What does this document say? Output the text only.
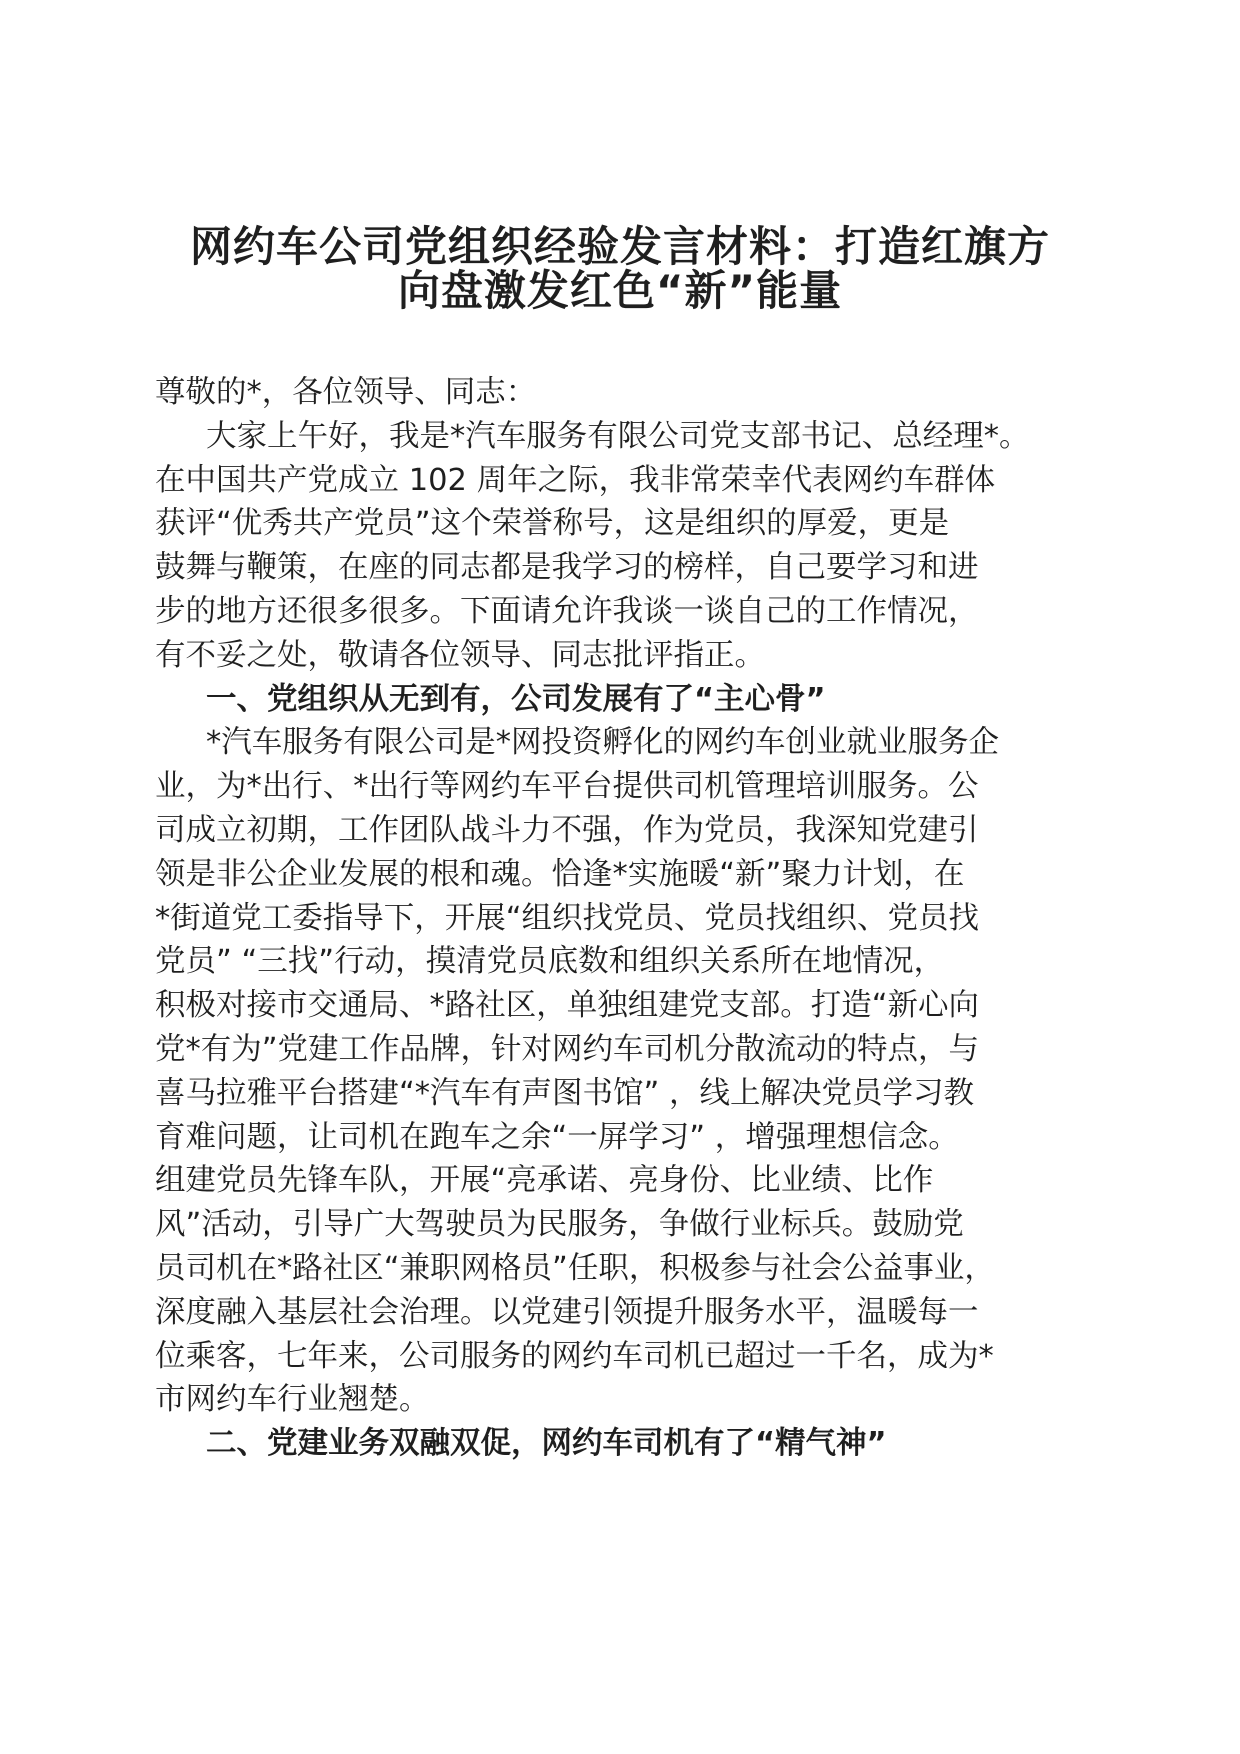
网约车公司党组织经验发言材料：打造红旗方
向盘激发红色“新”能量
尊敬的*，各位领导、同志：
大家上午好，我是*汽车服务有限公司党支部书记、总经理*。
在中国共产党成立 102 周年之际，我非常荣幸代表网约车群体
获评“优秀共产党员”这个荣誉称号，这是组织的厚爱，更是
鼓舞与鞭策，在座的同志都是我学习的榜样，自己要学习和进
步的地方还很多很多。下面请允许我谈一谈自己的工作情况，
有不妥之处，敬请各位领导、同志批评指正。
一、党组织从无到有，公司发展有了“主心骨”
*汽车服务有限公司是*网投资孵化的网约车创业就业服务企
业，为*出行、*出行等网约车平台提供司机管理培训服务。公
司成立初期，工作团队战斗力不强，作为党员，我深知党建引
领是非公企业发展的根和魂。恰逢*实施暖“新”聚力计划，在
*街道党工委指导下，开展“组织找党员、党员找组织、党员找
党员” “三找”行动，摸清党员底数和组织关系所在地情况，
积极对接市交通局、*路社区，单独组建党支部。打造“新心向
党*有为”党建工作品牌，针对网约车司机分散流动的特点，与
喜马拉雅平台搭建“*汽车有声图书馆” ，线上解决党员学习教
育难问题，让司机在跑车之余“一屏学习” ，增强理想信念。
组建党员先锋车队，开展“亮承诺、亮身份、比业绩、比作
风”活动，引导广大驾驶员为民服务，争做行业标兵。鼓励党
员司机在*路社区“兼职网格员”任职，积极参与社会公益事业，
深度融入基层社会治理。以党建引领提升服务水平，温暖每一
位乘客，七年来，公司服务的网约车司机已超过一千名，成为*
市网约车行业翘楚。
二、党建业务双融双促，网约车司机有了“精气神”
